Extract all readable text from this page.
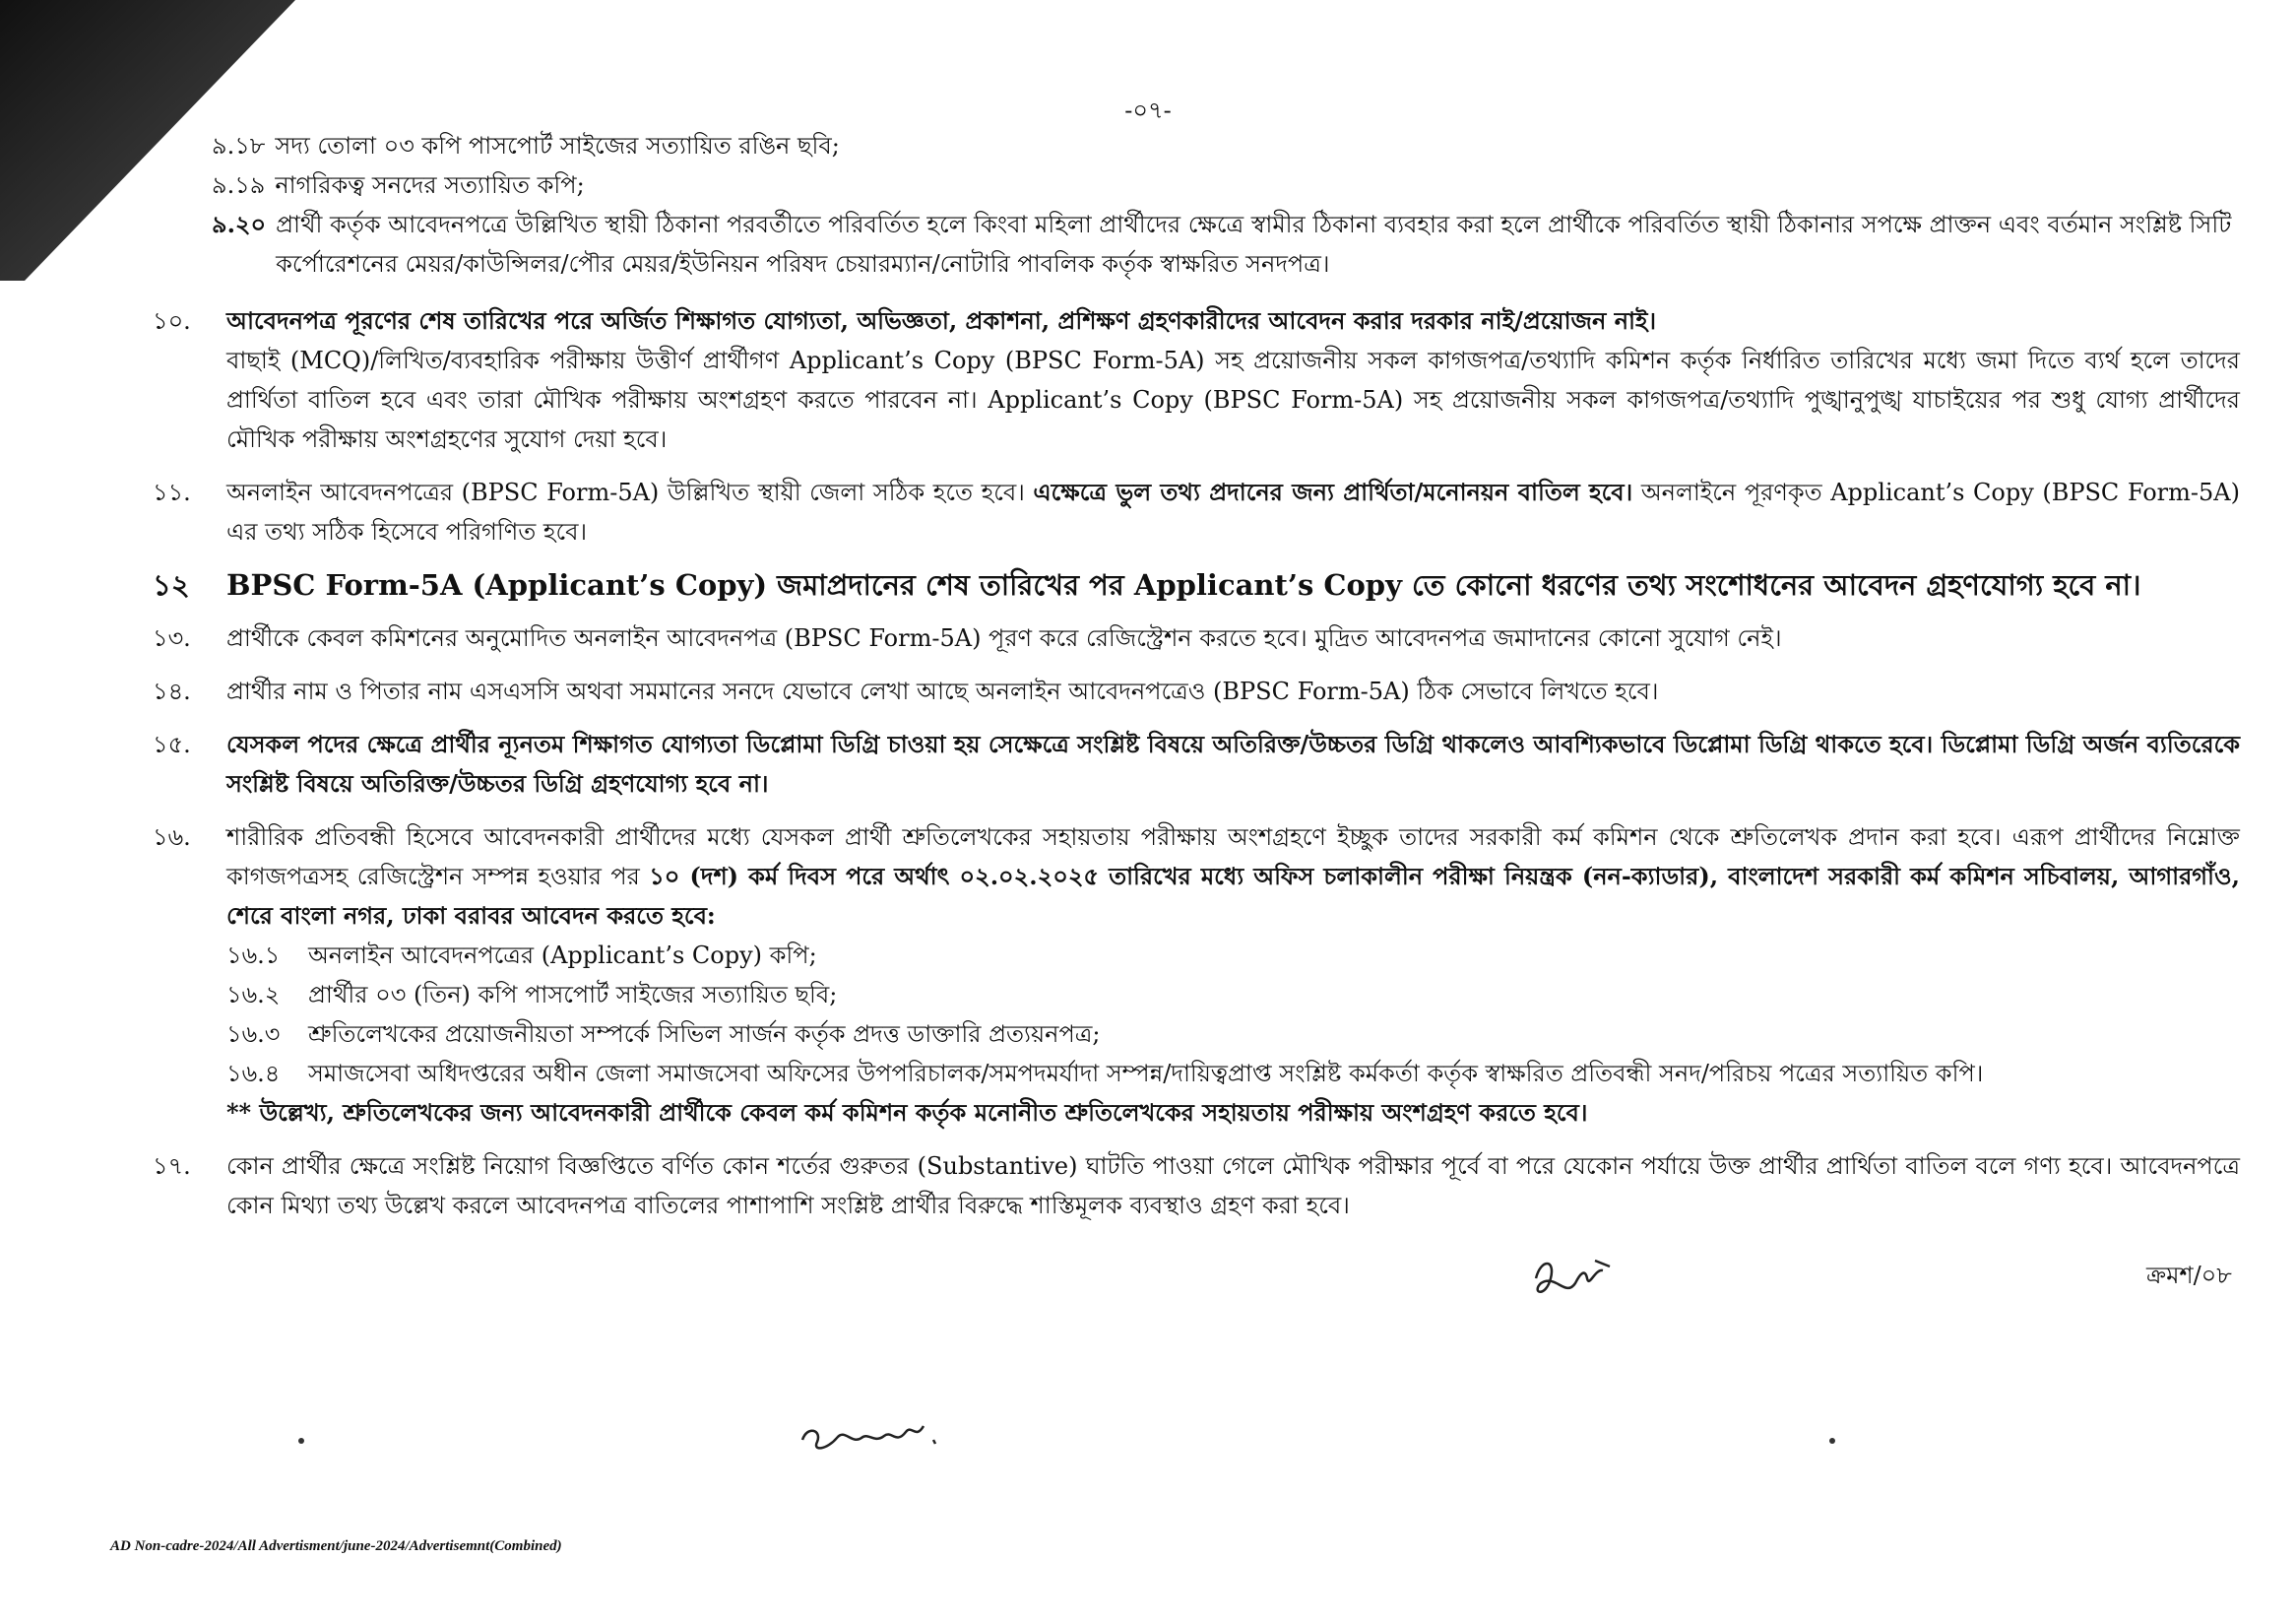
-০৭-
৯.১৮ সদ্য তোলা ০৩ কপি পাসপোর্ট সাইজের সত্যায়িত রঙিন ছবি;
৯.১৯ নাগরিকত্ব সনদের সত্যায়িত কপি;
৯.২০ প্রার্থী কর্তৃক আবেদনপত্রে উল্লিখিত স্থায়ী ঠিকানা পরবর্তীতে পরিবর্তিত হলে কিংবা মহিলা প্রার্থীদের ক্ষেত্রে স্বামীর ঠিকানা ব্যবহার করা হলে প্রার্থীকে পরিবর্তিত স্থায়ী ঠিকানার সপক্ষে প্রাক্তন এবং বর্তমান সংশ্লিষ্ট সিটি কর্পোরেশনের মেয়র/কাউন্সিলর/পৌর মেয়র/ইউনিয়ন পরিষদ চেয়ারম্যান/নোটারি পাবলিক কর্তৃক স্বাক্ষরিত সনদপত্র।
১০.	আবেদনপত্র পূরণের শেষ তারিখের পরে অর্জিত শিক্ষাগত যোগ্যতা, অভিজ্ঞতা, প্রকাশনা, প্রশিক্ষণ গ্রহণকারীদের আবেদন করার দরকার নাই/প্রয়োজন নাই।
বাছাই (MCQ)/লিখিত/ব্যবহারিক পরীক্ষায় উত্তীর্ণ প্রার্থীগণ Applicant’s Copy (BPSC Form-5A) সহ প্রয়োজনীয় সকল কাগজপত্র/তথ্যাদি কমিশন কর্তৃক নির্ধারিত তারিখের মধ্যে জমা দিতে ব্যর্থ হলে তাদের প্রার্থিতা বাতিল হবে এবং তারা মৌখিক পরীক্ষায় অংশগ্রহণ করতে পারবেন না। Applicant’s Copy (BPSC Form-5A) সহ প্রয়োজনীয় সকল কাগজপত্র/তথ্যাদি পুঙ্খানুপুঙ্খ যাচাইয়ের পর শুধু যোগ্য প্রার্থীদের মৌখিক পরীক্ষায় অংশগ্রহণের সুযোগ দেয়া হবে।
১১.	অনলাইন আবেদনপত্রের (BPSC Form-5A) উল্লিখিত স্থায়ী জেলা সঠিক হতে হবে। এক্ষেত্রে ভুল তথ্য প্রদানের জন্য প্রার্থিতা/মনোনয়ন বাতিল হবে। অনলাইনে পূরণকৃত Applicant’s Copy (BPSC Form-5A) এর তথ্য সঠিক হিসেবে পরিগণিত হবে।
১২	BPSC Form-5A (Applicant’s Copy) জমাপ্রদানের শেষ তারিখের পর Applicant’s Copy তে কোনো ধরণের তথ্য সংশোধনের আবেদন গ্রহণযোগ্য হবে না।
১৩.	প্রার্থীকে কেবল কমিশনের অনুমোদিত অনলাইন আবেদনপত্র (BPSC Form-5A) পূরণ করে রেজিস্ট্রেশন করতে হবে। মুদ্রিত আবেদনপত্র জমাদানের কোনো সুযোগ নেই।
১৪.	প্রার্থীর নাম ও পিতার নাম এসএসসি অথবা সমমানের সনদে যেভাবে লেখা আছে অনলাইন আবেদনপত্রেও (BPSC Form-5A) ঠিক সেভাবে লিখতে হবে।
১৫.	যেসকল পদের ক্ষেত্রে প্রার্থীর ন্যূনতম শিক্ষাগত যোগ্যতা ডিপ্লোমা ডিগ্রি চাওয়া হয় সেক্ষেত্রে সংশ্লিষ্ট বিষয়ে অতিরিক্ত/উচ্চতর ডিগ্রি থাকলেও আবশ্যিকভাবে ডিপ্লোমা ডিগ্রি থাকতে হবে। ডিপ্লোমা ডিগ্রি অর্জন ব্যতিরেকে সংশ্লিষ্ট বিষয়ে অতিরিক্ত/উচ্চতর ডিগ্রি গ্রহণযোগ্য হবে না।
১৬.	শারীরিক প্রতিবন্ধী হিসেবে আবেদনকারী প্রার্থীদের মধ্যে যেসকল প্রার্থী শ্রুতিলেখকের সহায়তায় পরীক্ষায় অংশগ্রহণে ইচ্ছুক তাদের সরকারী কর্ম কমিশন থেকে শ্রুতিলেখক প্রদান করা হবে। এরূপ প্রার্থীদের নিম্নোক্ত কাগজপত্রসহ রেজিস্ট্রেশন সম্পন্ন হওয়ার পর ১০ (দশ) কর্ম দিবস পরে অর্থাৎ ০২.০২.২০২৫ তারিখের মধ্যে অফিস চলাকালীন পরীক্ষা নিয়ন্ত্রক (নন-ক্যাডার), বাংলাদেশ সরকারী কর্ম কমিশন সচিবালয়, আগারগাঁও, শেরে বাংলা নগর, ঢাকা বরাবর আবেদন করতে হবে:
১৬.১	অনলাইন আবেদনপত্রের (Applicant’s Copy) কপি;
১৬.২	প্রার্থীর ০৩ (তিন) কপি পাসপোর্ট সাইজের সত্যায়িত ছবি;
১৬.৩	শ্রুতিলেখকের প্রয়োজনীয়তা সম্পর্কে সিভিল সার্জন কর্তৃক প্রদত্ত ডাক্তারি প্রত্যয়নপত্র;
১৬.৪	সমাজসেবা অধিদপ্তরের অধীন জেলা সমাজসেবা অফিসের উপপরিচালক/সমপদমর্যাদা সম্পন্ন/দায়িত্বপ্রাপ্ত সংশ্লিষ্ট কর্মকর্তা কর্তৃক স্বাক্ষরিত প্রতিবন্ধী সনদ/পরিচয় পত্রের সত্যায়িত কপি।
** উল্লেখ্য, শ্রুতিলেখকের জন্য আবেদনকারী প্রার্থীকে কেবল কর্ম কমিশন কর্তৃক মনোনীত শ্রুতিলেখকের সহায়তায় পরীক্ষায় অংশগ্রহণ করতে হবে।
১৭.	কোন প্রার্থীর ক্ষেত্রে সংশ্লিষ্ট নিয়োগ বিজ্ঞপ্তিতে বর্ণিত কোন শর্তের গুরুতর (Substantive) ঘাটতি পাওয়া গেলে মৌখিক পরীক্ষার পূর্বে বা পরে যেকোন পর্যায়ে উক্ত প্রার্থীর প্রার্থিতা বাতিল বলে গণ্য হবে। আবেদনপত্রে কোন মিথ্যা তথ্য উল্লেখ করলে আবেদনপত্র বাতিলের পাশাপাশি সংশ্লিষ্ট প্রার্থীর বিরুদ্ধে শাস্তিমূলক ব্যবস্থাও গ্রহণ করা হবে।
ক্রমশ/০৮
AD Non-cadre-2024/All Advertisment/june-2024/Advertisemnt(Combined)
